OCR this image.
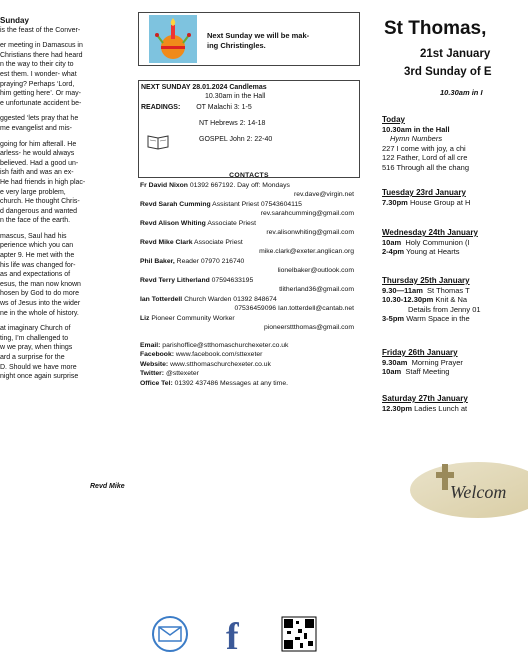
Sunday
is the feast of the Conver-
er meeting in Damascus in
Christians there had heard
n the way to their city to
est them. I wonder- what
praying? Perhaps ‘Lord,
him getting here’. Or may-
e unfortunate accident be-
ggested ‘lets pray that he
me evangelist and mis-
going for him afterall. He
arless- he would always
believed. Had a good un-
ish faith and was an ex-
He had friends in high plac-
e very large problem,
church. He thought Chris-
d dangerous and wanted
n the face of the earth.
mascus, Saul had his
perience which you can
apter 9. He met with the
his life was changed for-
as and expectations of
esus, the man now known
hosen by God to do more
ws of Jesus into the wider
ne in the whole of history.
at imaginary Church of
ting, I’m challenged to
w we pray, when things
ard a surprise for the
D. Should we have more
night once again surprise
Revd Mike
Next Sunday we will be mak-
ing Christingles.
NEXT SUNDAY 28.01.2024 Candlemas
10.30am in the Hall
READINGS: OT Malachi 3: 1-5
NT Hebrews 2: 14-18
GOSPEL John 2: 22-40
CONTACTS
Fr David Nixon 01392 667192. Day off: Mondays
rev.dave@virgin.net
Revd Sarah Cumming Assistant Priest 07543604115
rev.sarahcumming@gmail.com
Revd Alison Whiting Associate Priest
rev.alisonwhiting@gmail.com
Revd Mike Clark Associate Priest
mike.clark@exeter.anglican.org
Phil Baker, Reader 07970 216740
lionelbaker@outlook.com
Revd Terry Litherland 07594633195
tlitherland36@gmail.com
Ian Totterdell Church Warden 01392 848674
07536459096 Ian.totterdell@cantab.net
Liz Pioneer Community Worker
pioneersttthomas@gmail.com
Email: parishoffice@stthomaschurchexeter.co.uk
Facebook: www.facebook.com/sttexeter
Website: www.stthomaschurchexeter.co.uk
Twitter: @sttexeter
Office Tel: 01392 437486 Messages at any time.
f
St Thomas,
21st January
3rd Sunday of E
10.30am in I
Today
10.30am in the Hall
Hymn Numbers
227 I come with joy, a chi
122 Father, Lord of all cre
516 Through all the chang
Tuesday 23rd January
7.30pm House Group at H
Wednesday 24th January
10am Holy Communion (I
2-4pm Young at Hearts
Thursday 25th January
9.30—11am St Thomas T
10.30-12.30pm Knit & Na
Details from Jenny 01
3-5pm Warm Space in the
Friday 26th January
9.30am Morning Prayer
10am Staff Meeting
Saturday 27th January
12.30pm Ladies Lunch at
Welcom
